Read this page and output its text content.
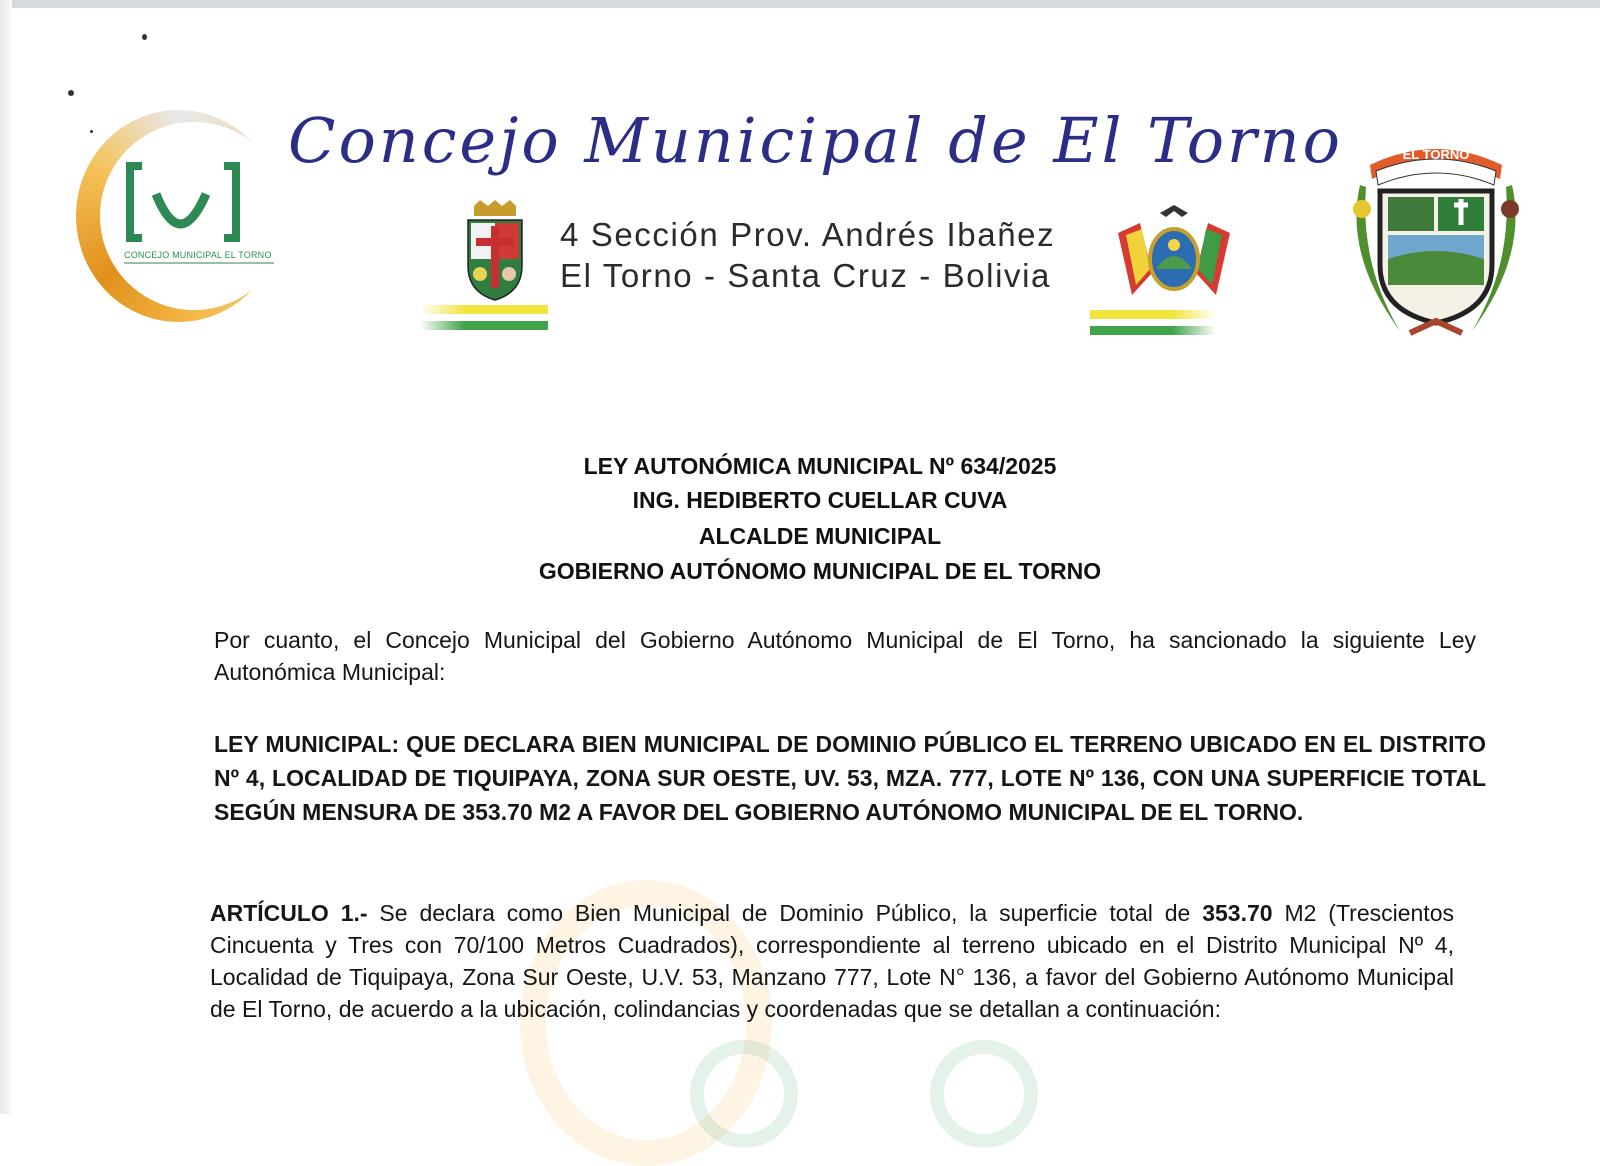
CONCEJO MUNICIPAL EL TORNO
Concejo Municipal de El Torno
4 Sección Prov. Andrés Ibañez
El Torno - Santa Cruz - Bolivia
EL TORNO
LEY AUTONÓMICA MUNICIPAL Nº 634/2025
ING. HEDIBERTO CUELLAR CUVA
ALCALDE MUNICIPAL
GOBIERNO AUTÓNOMO MUNICIPAL DE EL TORNO
Por cuanto, el Concejo Municipal del Gobierno Autónomo Municipal de El Torno, ha sancionado la siguiente Ley Autonómica Municipal:
LEY MUNICIPAL: QUE DECLARA BIEN MUNICIPAL DE DOMINIO PÚBLICO EL TERRENO UBICADO EN EL DISTRITO Nº 4, LOCALIDAD DE TIQUIPAYA, ZONA SUR OESTE, UV. 53, MZA. 777, LOTE Nº 136, CON UNA SUPERFICIE TOTAL SEGÚN MENSURA DE 353.70 M2 A FAVOR DEL GOBIERNO AUTÓNOMO MUNICIPAL DE EL TORNO.
ARTÍCULO 1.- Se declara como Bien Municipal de Dominio Público, la superficie total de 353.70 M2 (Trescientos Cincuenta y Tres con 70/100 Metros Cuadrados), correspondiente al terreno ubicado en el Distrito Municipal Nº 4, Localidad de Tiquipaya, Zona Sur Oeste, U.V. 53, Manzano 777, Lote N° 136, a favor del Gobierno Autónomo Municipal de El Torno, de acuerdo a la ubicación, colindancias y coordenadas que se detallan a continuación:
